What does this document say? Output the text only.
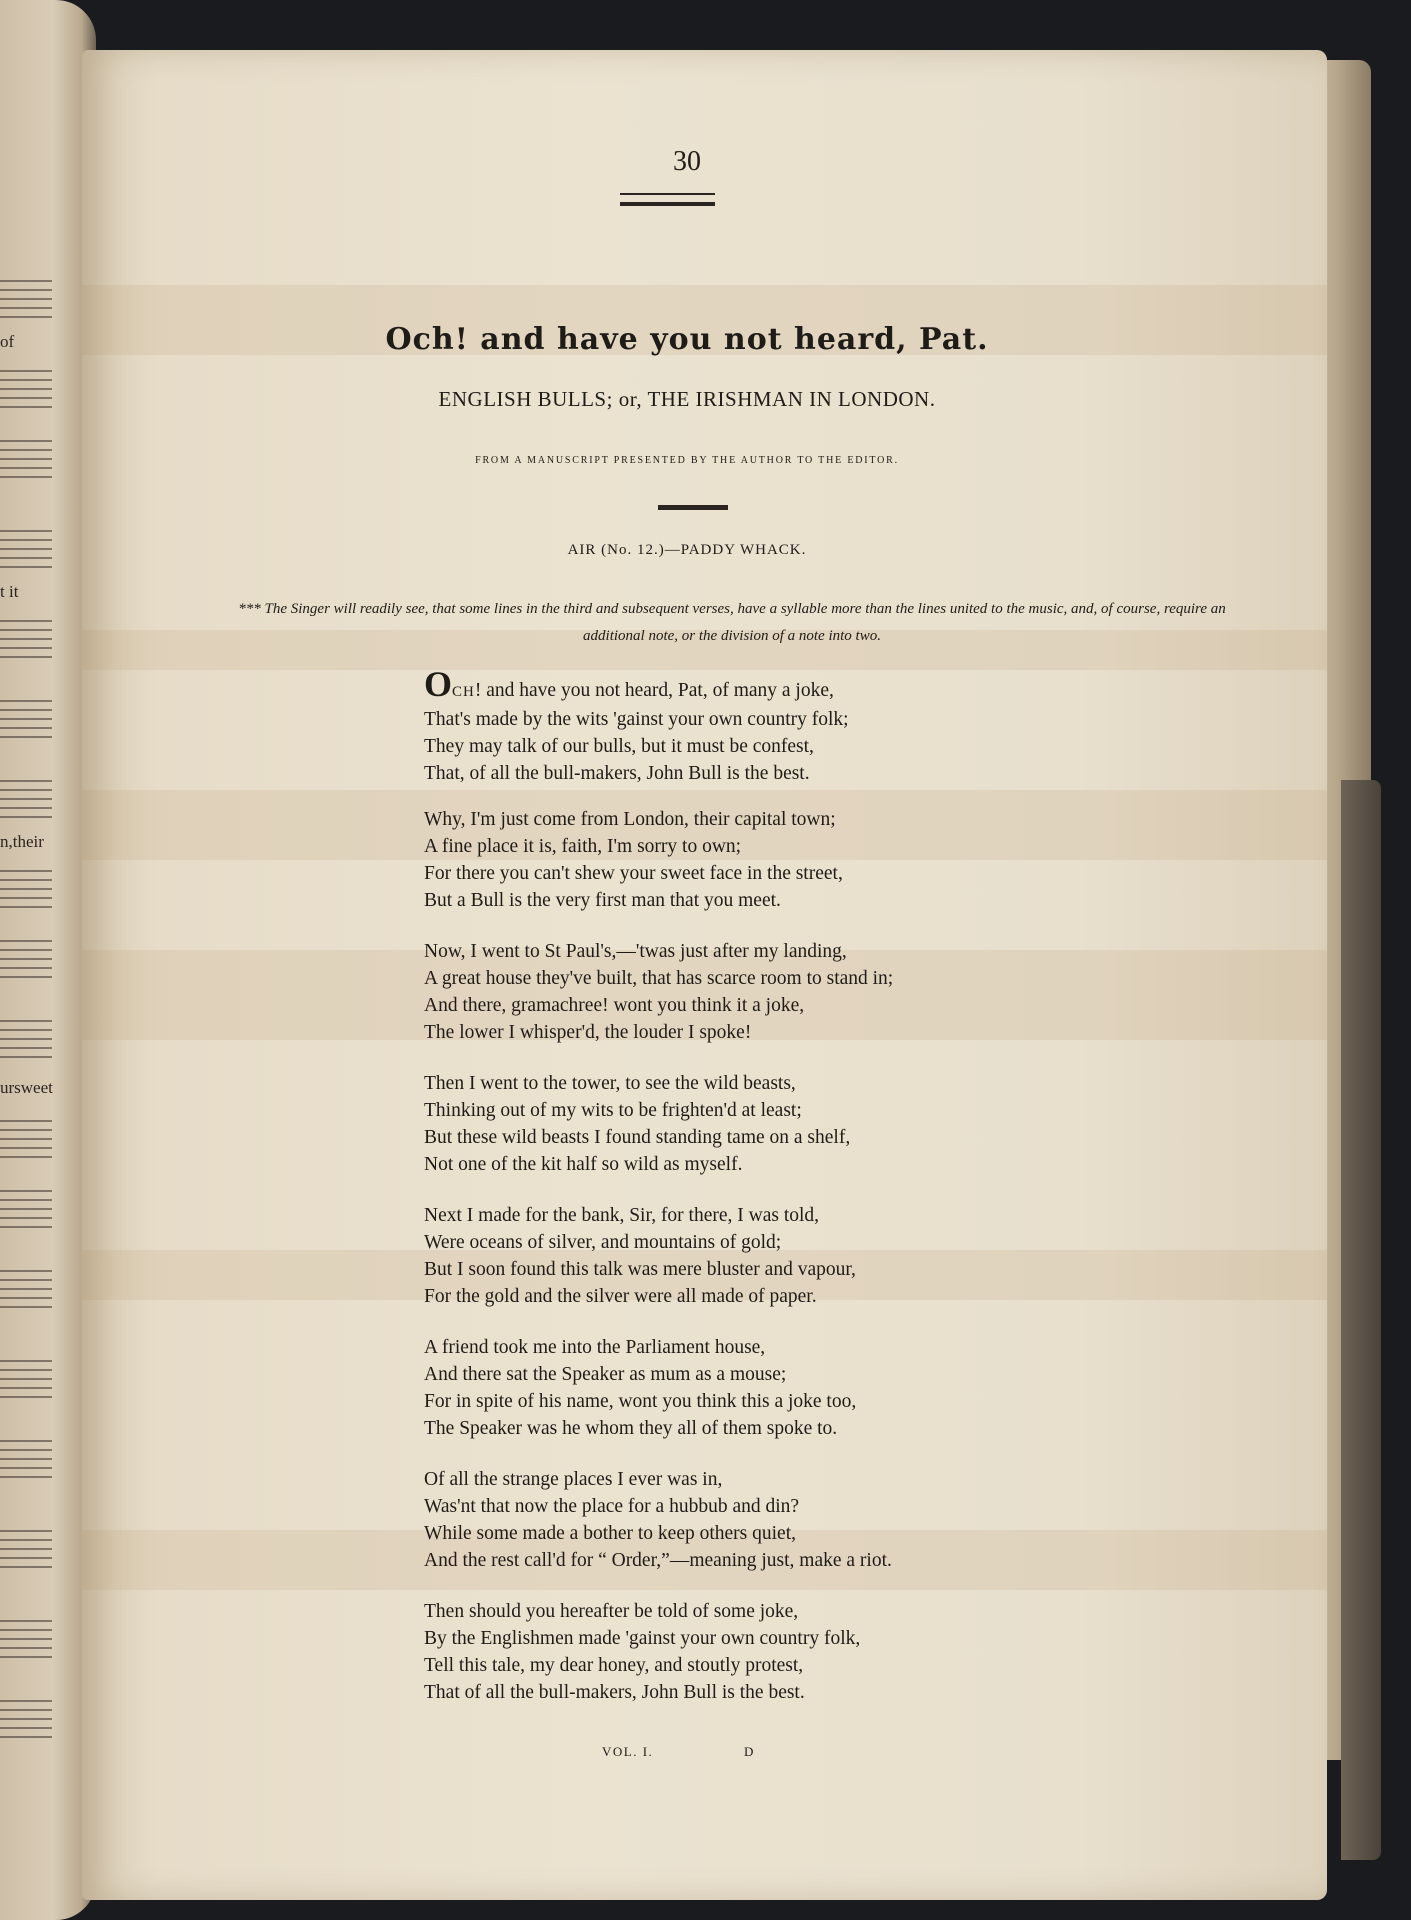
of
t it
n,their
ursweet
30
Och! and have you not heard, Pat.
ENGLISH BULLS; or, THE IRISHMAN IN LONDON.
FROM A MANUSCRIPT PRESENTED BY THE AUTHOR TO THE EDITOR.
AIR (No. 12.)—PADDY WHACK.
*** The Singer will readily see, that some lines in the third and subsequent verses, have a syllable more than the lines united to the music, and, of course, require an additional note, or the division of a note into two.
OCH! and have you not heard, Pat, of many a joke,
That's made by the wits 'gainst your own country folk;
They may talk of our bulls, but it must be confest,
That, of all the bull-makers, John Bull is the best.
Why, I'm just come from London, their capital town;
A fine place it is, faith, I'm sorry to own;
For there you can't shew your sweet face in the street,
But a Bull is the very first man that you meet.
Now, I went to St Paul's,—'twas just after my landing,
A great house they've built, that has scarce room to stand in;
And there, gramachree! wont you think it a joke,
The lower I whisper'd, the louder I spoke!
Then I went to the tower, to see the wild beasts,
Thinking out of my wits to be frighten'd at least;
But these wild beasts I found standing tame on a shelf,
Not one of the kit half so wild as myself.
Next I made for the bank, Sir, for there, I was told,
Were oceans of silver, and mountains of gold;
But I soon found this talk was mere bluster and vapour,
For the gold and the silver were all made of paper.
A friend took me into the Parliament house,
And there sat the Speaker as mum as a mouse;
For in spite of his name, wont you think this a joke too,
The Speaker was he whom they all of them spoke to.
Of all the strange places I ever was in,
Was'nt that now the place for a hubbub and din?
While some made a bother to keep others quiet,
And the rest call'd for “ Order,”—meaning just, make a riot.
Then should you hereafter be told of some joke,
By the Englishmen made 'gainst your own country folk,
Tell this tale, my dear honey, and stoutly protest,
That of all the bull-makers, John Bull is the best.
VOL. I.	D
